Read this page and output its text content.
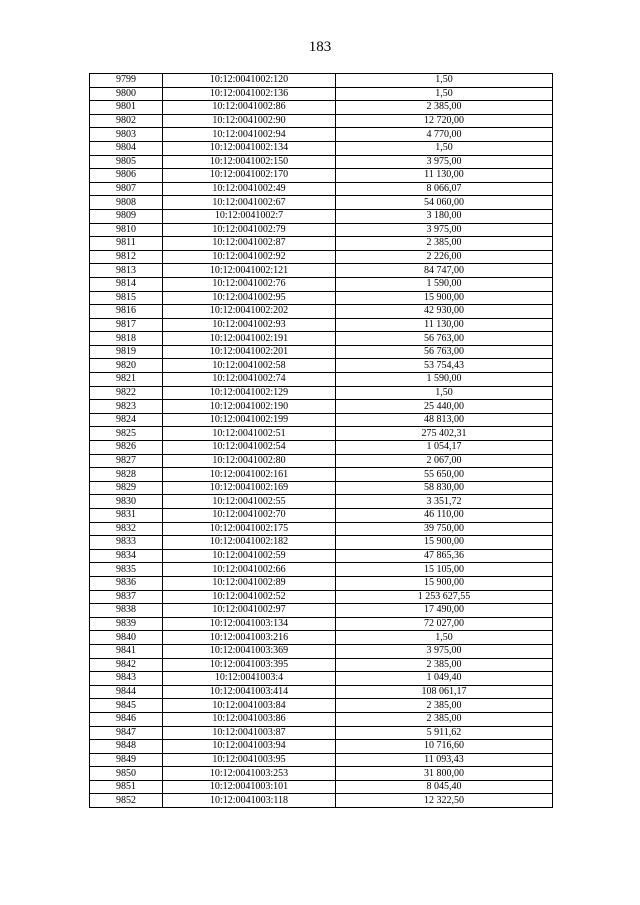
183
9799	10:12:0041002:120	1,50
9800	10:12:0041002:136	1,50
9801	10:12:0041002:86	2 385,00
9802	10:12:0041002:90	12 720,00
9803	10:12:0041002:94	4 770,00
9804	10:12:0041002:134	1,50
9805	10:12:0041002:150	3 975,00
9806	10:12:0041002:170	11 130,00
9807	10:12:0041002:49	8 066,07
9808	10:12:0041002:67	54 060,00
9809	10:12:0041002:7	3 180,00
9810	10:12:0041002:79	3 975,00
9811	10:12:0041002:87	2 385,00
9812	10:12:0041002:92	2 226,00
9813	10:12:0041002:121	84 747,00
9814	10:12:0041002:76	1 590,00
9815	10:12:0041002:95	15 900,00
9816	10:12:0041002:202	42 930,00
9817	10:12:0041002:93	11 130,00
9818	10:12:0041002:191	56 763,00
9819	10:12:0041002:201	56 763,00
9820	10:12:0041002:58	53 754,43
9821	10:12:0041002:74	1 590,00
9822	10:12:0041002:129	1,50
9823	10:12:0041002:190	25 440,00
9824	10:12:0041002:199	48 813,00
9825	10:12:0041002:51	275 402,31
9826	10:12:0041002:54	1 054,17
9827	10:12:0041002:80	2 067,00
9828	10:12:0041002:161	55 650,00
9829	10:12:0041002:169	58 830,00
9830	10:12:0041002:55	3 351,72
9831	10:12:0041002:70	46 110,00
9832	10:12:0041002:175	39 750,00
9833	10:12:0041002:182	15 900,00
9834	10:12:0041002:59	47 865,36
9835	10:12:0041002:66	15 105,00
9836	10:12:0041002:89	15 900,00
9837	10:12:0041002:52	1 253 627,55
9838	10:12:0041002:97	17 490,00
9839	10:12:0041003:134	72 027,00
9840	10:12:0041003:216	1,50
9841	10:12:0041003:369	3 975,00
9842	10:12:0041003:395	2 385,00
9843	10:12:0041003:4	1 049,40
9844	10:12:0041003:414	108 061,17
9845	10:12:0041003:84	2 385,00
9846	10:12:0041003:86	2 385,00
9847	10:12:0041003:87	5 911,62
9848	10:12:0041003:94	10 716,60
9849	10:12:0041003:95	11 093,43
9850	10:12:0041003:253	31 800,00
9851	10:12:0041003:101	8 045,40
9852	10:12:0041003:118	12 322,50
